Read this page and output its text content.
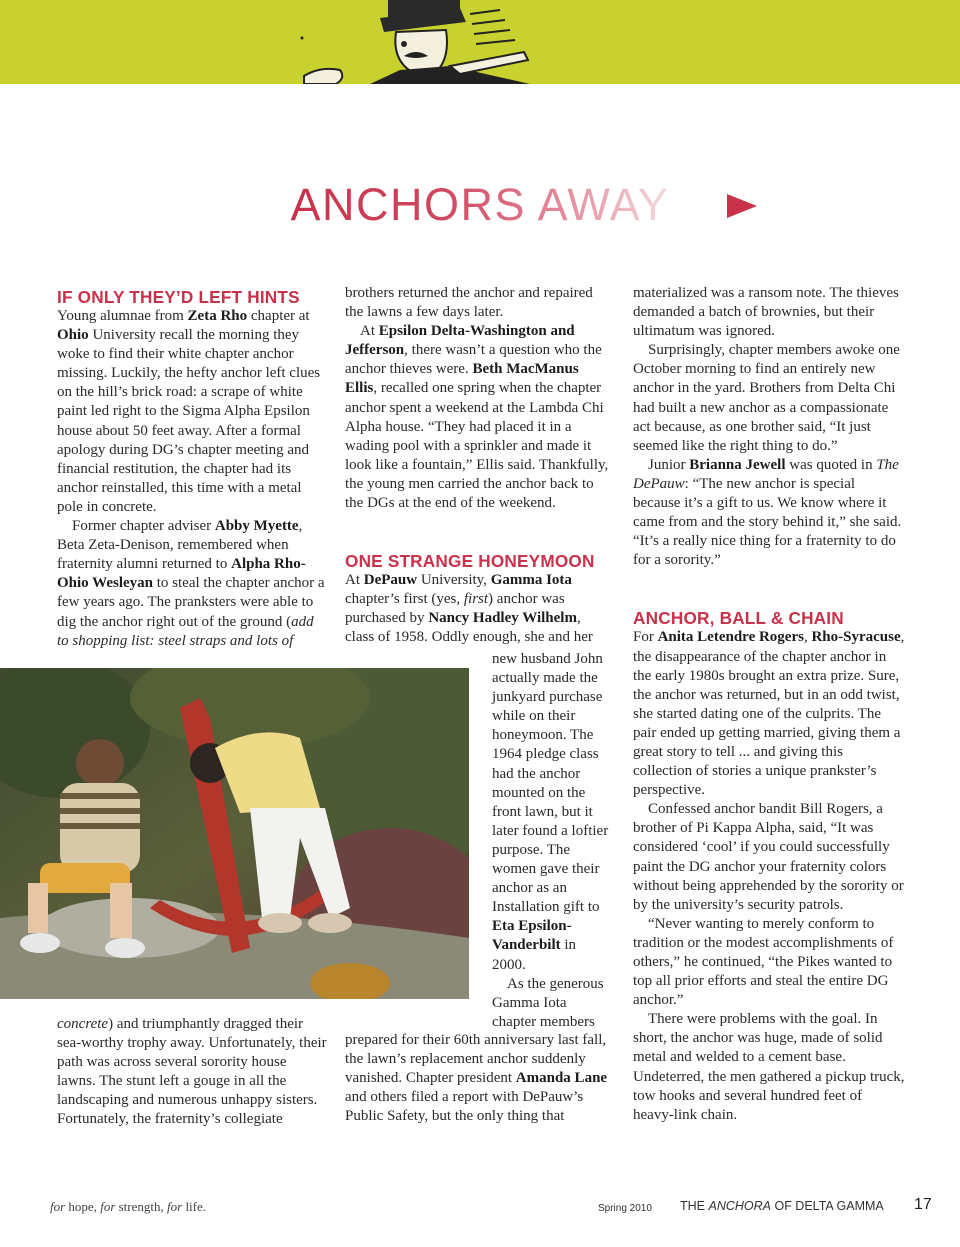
ANCHORS AWAY
IF ONLY THEY’D LEFT HINTS

Young alumnae from Zeta Rho chapter at Ohio University recall the morning they woke to find their white chapter anchor missing. Luckily, the hefty anchor left clues on the hill’s brick road: a scrape of white paint led right to the Sigma Alpha Epsilon house about 50 feet away. After a formal apology during DG’s chapter meeting and financial restitution, the chapter had its anchor reinstalled, this time with a metal pole in concrete.

Former chapter adviser Abby Myette, Beta Zeta-Denison, remembered when fraternity alumni returned to Alpha Rho-Ohio Wesleyan to steal the chapter anchor a few years ago. The pranksters were able to dig the anchor right out of the ground (add to shopping list: steel straps and lots of

concrete) and triumphantly dragged their sea-worthy trophy away. Unfortunately, their path was across several sorority house lawns. The stunt left a gouge in all the landscaping and numerous unhappy sisters. Fortunately, the fraternity’s collegiate

brothers returned the anchor and repaired the lawns a few days later.

At Epsilon Delta-Washington and Jefferson, there wasn’t a question who the anchor thieves were. Beth MacManus Ellis, recalled one spring when the chapter anchor spent a weekend at the Lambda Chi Alpha house. “They had placed it in a wading pool with a sprinkler and made it look like a fountain,” Ellis said. Thankfully, the young men carried the anchor back to the DGs at the end of the weekend.

ONE STRANGE HONEYMOON

At DePauw University, Gamma Iota chapter’s first (yes, first) anchor was purchased by Nancy Hadley Wilhelm, class of 1958. Oddly enough, she and her

new husband John actually made the junkyard purchase while on their honeymoon. The 1964 pledge class had the anchor mounted on the front lawn, but it later found a loftier purpose. The women gave their anchor as an Installation gift to Eta Epsilon-Vanderbilt in 2000.

As the generous Gamma Iota chapter members

prepared for their 60th anniversary last fall, the lawn’s replacement anchor suddenly vanished. Chapter president Amanda Lane and others filed a report with DePauw’s Public Safety, but the only thing that

materialized was a ransom note. The thieves demanded a batch of brownies, but their ultimatum was ignored.

Surprisingly, chapter members awoke one October morning to find an entirely new anchor in the yard. Brothers from Delta Chi had built a new anchor as a compassionate act because, as one brother said, “It just seemed like the right thing to do.”

Junior Brianna Jewell was quoted in The DePauw: “The new anchor is special because it’s a gift to us. We know where it came from and the story behind it,” she said. “It’s a really nice thing for a fraternity to do for a sorority.”

ANCHOR, BALL & CHAIN

For Anita Letendre Rogers, Rho-Syracuse, the disappearance of the chapter anchor in the early 1980s brought an extra prize. Sure, the anchor was returned, but in an odd twist, she started dating one of the culprits. The pair ended up getting married, giving them a great story to tell ... and giving this collection of stories a unique prankster’s perspective.

Confessed anchor bandit Bill Rogers, a brother of Pi Kappa Alpha, said, “It was considered ‘cool’ if you could successfully paint the DG anchor your fraternity colors without being apprehended by the sorority or by the university’s security patrols.

“Never wanting to merely conform to tradition or the modest accomplishments of others,” he continued, “the Pikes wanted to top all prior efforts and steal the entire DG anchor.”

There were problems with the goal. In short, the anchor was huge, made of solid metal and welded to a cement base. Undeterred, the men gathered a pickup truck, tow hooks and several hundred feet of heavy-link chain.

for hope, for strength, for life.	Spring 2010 THE ANCHORA OF DELTA GAMMA 17
